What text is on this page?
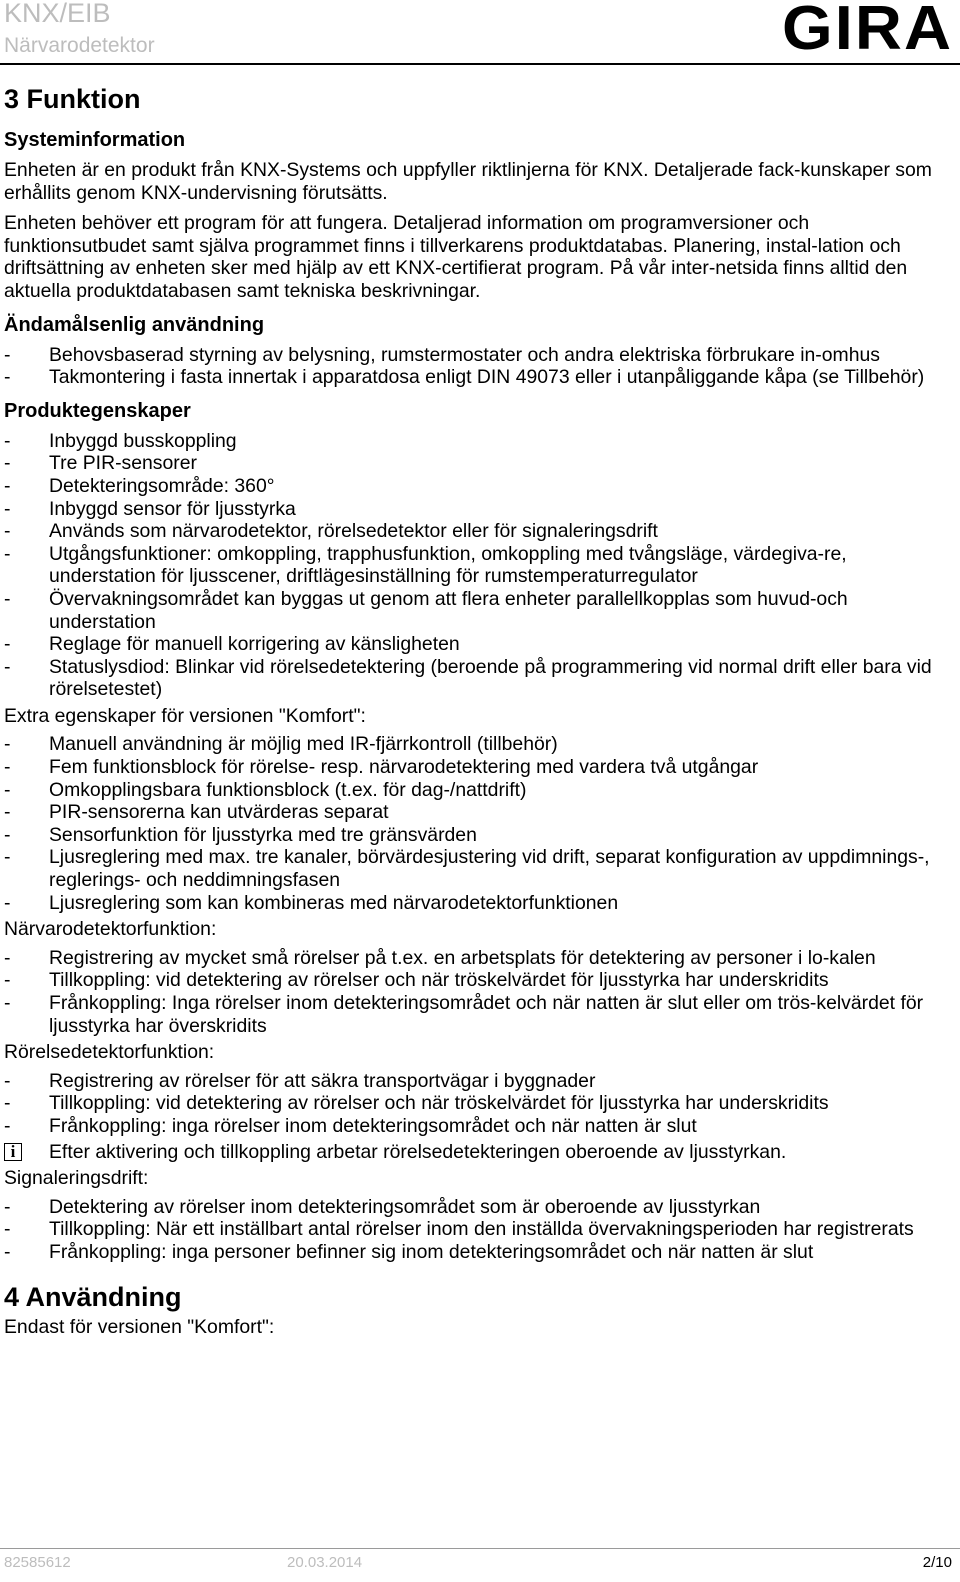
KNX/EIB
Närvarodetektor	GIRA
3 Funktion
Systeminformation

Enheten är en produkt från KNX-Systems och uppfyller riktlinjerna för KNX. Detaljerade fack-kunskaper som erhållits genom KNX-undervisning förutsätts.

Enheten behöver ett program för att fungera. Detaljerad information om programversioner och funktionsutbudet samt själva programmet finns i tillverkarens produktdatabas. Planering, instal-lation och driftsättning av enheten sker med hjälp av ett KNX-certifierat program. På vår inter-netsida finns alltid den aktuella produktdatabasen samt tekniska beskrivningar.

Ändamålsenlig användning
- Behovsbaserad styrning av belysning, rumstermostater och andra elektriska förbrukare in-omhus
- Takmontering i fasta innertak i apparatdosa enligt DIN 49073 eller i utanpåliggande kåpa (se Tillbehör)
Produktegenskaper
- Inbyggd busskoppling
- Tre PIR-sensorer
- Detekteringsområde: 360°
- Inbyggd sensor för ljusstyrka
- Används som närvarodetektor, rörelsedetektor eller för signaleringsdrift
- Utgångsfunktioner: omkoppling, trapphusfunktion, omkoppling med tvångsläge, värdegiva-re, understation för ljusscener, driftlägesinställning för rumstemperaturregulator
- Övervakningsområdet kan byggas ut genom att flera enheter parallellkopplas som huvud-och understation
- Reglage för manuell korrigering av känsligheten
- Statuslysdiod: Blinkar vid rörelsedetektering (beroende på programmering vid normal drift eller bara vid rörelsetestet)

Extra egenskaper för versionen "Komfort":

- Manuell användning är möjlig med IR-fjärrkontroll (tillbehör)
- Fem funktionsblock för rörelse- resp. närvarodetektering med vardera två utgångar
- Omkopplingsbara funktionsblock (t.ex. för dag-/nattdrift)
- PIR-sensorerna kan utvärderas separat
- Sensorfunktion för ljusstyrka med tre gränsvärden
- Ljusreglering med max. tre kanaler, börvärdesjustering vid drift, separat konfiguration av uppdimnings-, reglerings- och neddimningsfasen
- Ljusreglering som kan kombineras med närvarodetektorfunktionen

Närvarodetektorfunktion:

- Registrering av mycket små rörelser på t.ex. en arbetsplats för detektering av personer i lo-kalen
- Tillkoppling: vid detektering av rörelser och när tröskelvärdet för ljusstyrka har underskridits
- Frånkoppling: Inga rörelser inom detekteringsområdet och när natten är slut eller om trös-kelvärdet för ljusstyrka har överskridits

Rörelsedetektorfunktion:

- Registrering av rörelser för att säkra transportvägar i byggnader
- Tillkoppling: vid detektering av rörelser och när tröskelvärdet för ljusstyrka har underskridits
- Frånkoppling: inga rörelser inom detekteringsområdet och när natten är slut
i	Efter aktivering och tillkoppling arbetar rörelsedetekteringen oberoende av ljusstyrkan.

Signaleringsdrift:

- Detektering av rörelser inom detekteringsområdet som är oberoende av ljusstyrkan
- Tillkoppling: När ett inställbart antal rörelser inom den inställda övervakningsperioden har registrerats
- Frånkoppling: inga personer befinner sig inom detekteringsområdet och när natten är slut
4 Användning

Endast för versionen "Komfort":

82585612	20.03.2014	2/10
